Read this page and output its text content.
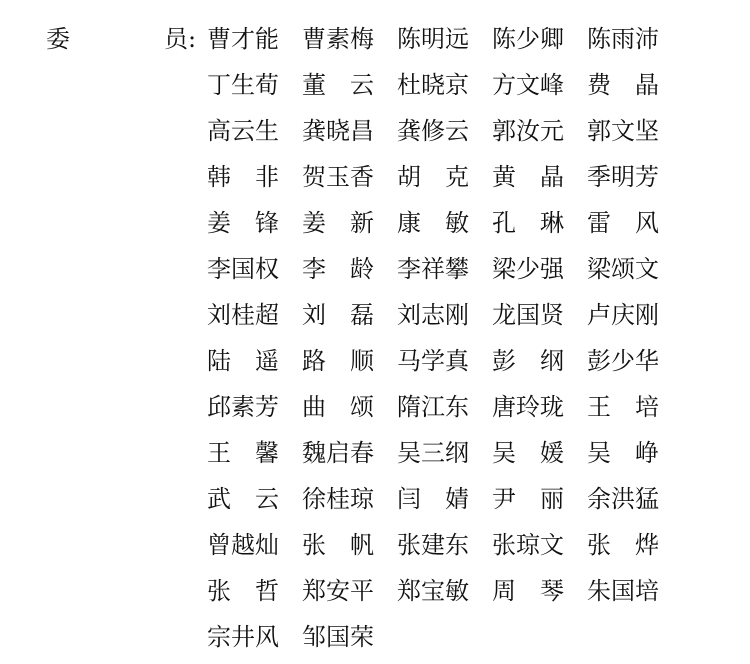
委	员 : 曹才能 曹素梅 陈明远 陈少卿 陈雨沛
丁生荀 董 云 杜晓京 方文峰 费 晶
高云生 龚晓昌 龚修云 郭汝元 郭文坚
韩 非 贺玉香 胡 克 黄 晶 季明芳
姜 锋 姜 新 康 敏 孔 琳 雷 风
李国权 李 龄 李祥攀 梁少强 梁颂文
刘桂超 刘 磊 刘志刚 龙国贤 卢庆刚
陆 遥 路 顺 马学真 彭 纲 彭少华
邱素芳 曲 颂 隋江东 唐玲珑 王 培
王 馨 魏启春 吴三纲 吴 媛 吴 峥
武 云 徐桂琼 闫 婧 尹 丽 余洪猛
曾越灿 张 帆 张建东 张琼文 张 烨
张 哲 郑安平 郑宝敏 周 琴 朱国培
宗井风 邹国荣
